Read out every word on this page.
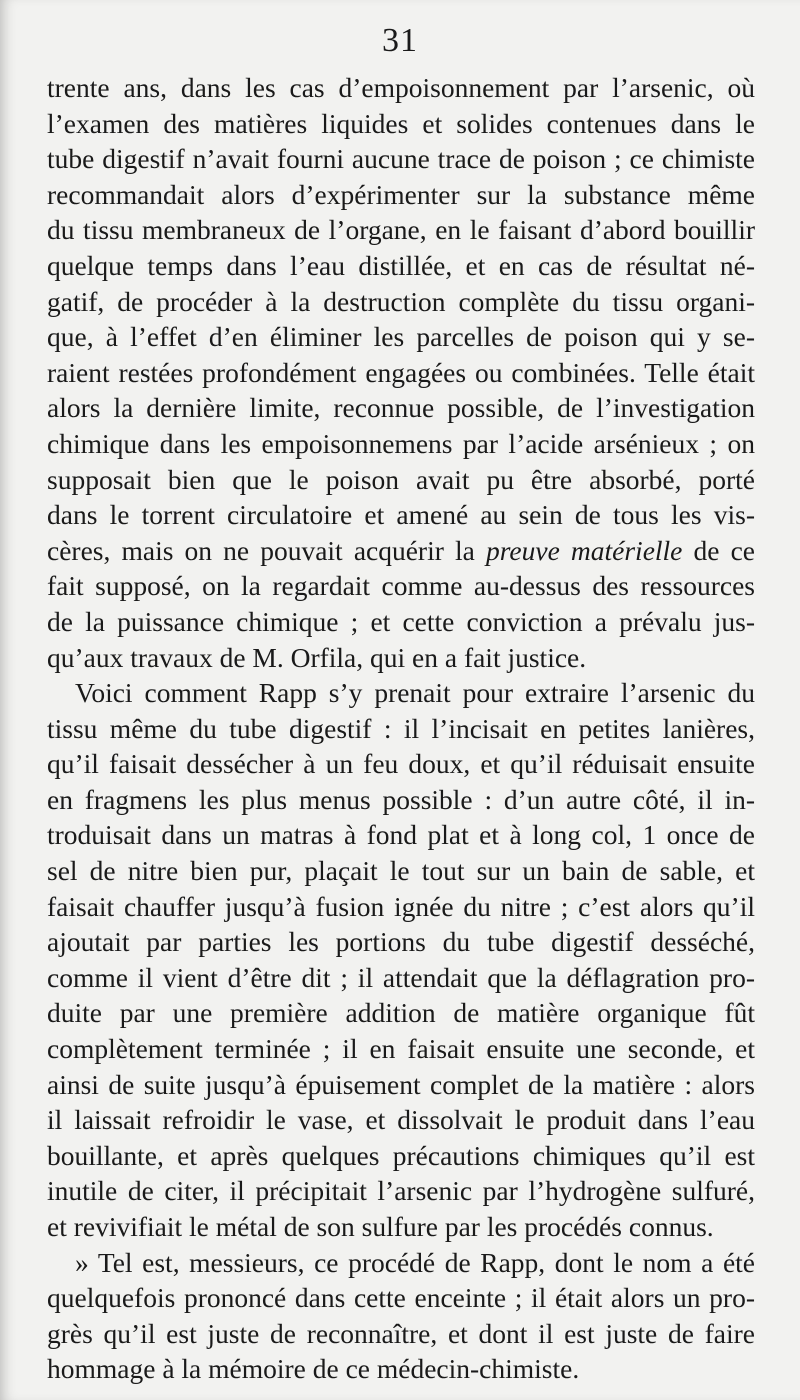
31
trente ans, dans les cas d’empoisonnement par l’arsenic, où
l’examen des matières liquides et solides contenues dans le
tube digestif n’avait fourni aucune trace de poison ; ce chimiste
recommandait alors d’expérimenter sur la substance même
du tissu membraneux de l’organe, en le faisant d’abord bouillir
quelque temps dans l’eau distillée, et en cas de résultat né-
gatif, de procéder à la destruction complète du tissu organi-
que, à l’effet d’en éliminer les parcelles de poison qui y se-
raient restées profondément engagées ou combinées. Telle était
alors la dernière limite, reconnue possible, de l’investigation
chimique dans les empoisonnemens par l’acide arsénieux ; on
supposait bien que le poison avait pu être absorbé, porté
dans le torrent circulatoire et amené au sein de tous les vis-
cères, mais on ne pouvait acquérir la preuve matérielle de ce
fait supposé, on la regardait comme au-dessus des ressources
de la puissance chimique ; et cette conviction a prévalu jus-
qu’aux travaux de M. Orfila, qui en a fait justice.
Voici comment Rapp s’y prenait pour extraire l’arsenic du
tissu même du tube digestif : il l’incisait en petites lanières,
qu’il faisait dessécher à un feu doux, et qu’il réduisait ensuite
en fragmens les plus menus possible : d’un autre côté, il in-
troduisait dans un matras à fond plat et à long col, 1 once de
sel de nitre bien pur, plaçait le tout sur un bain de sable, et
faisait chauffer jusqu’à fusion ignée du nitre ; c’est alors qu’il
ajoutait par parties les portions du tube digestif desséché,
comme il vient d’être dit ; il attendait que la déflagration pro-
duite par une première addition de matière organique fût
complètement terminée ; il en faisait ensuite une seconde, et
ainsi de suite jusqu’à épuisement complet de la matière : alors
il laissait refroidir le vase, et dissolvait le produit dans l’eau
bouillante, et après quelques précautions chimiques qu’il est
inutile de citer, il précipitait l’arsenic par l’hydrogène sulfuré,
et revivifiait le métal de son sulfure par les procédés connus.
» Tel est, messieurs, ce procédé de Rapp, dont le nom a été
quelquefois prononcé dans cette enceinte ; il était alors un pro-
grès qu’il est juste de reconnaître, et dont il est juste de faire
hommage à la mémoire de ce médecin-chimiste.
